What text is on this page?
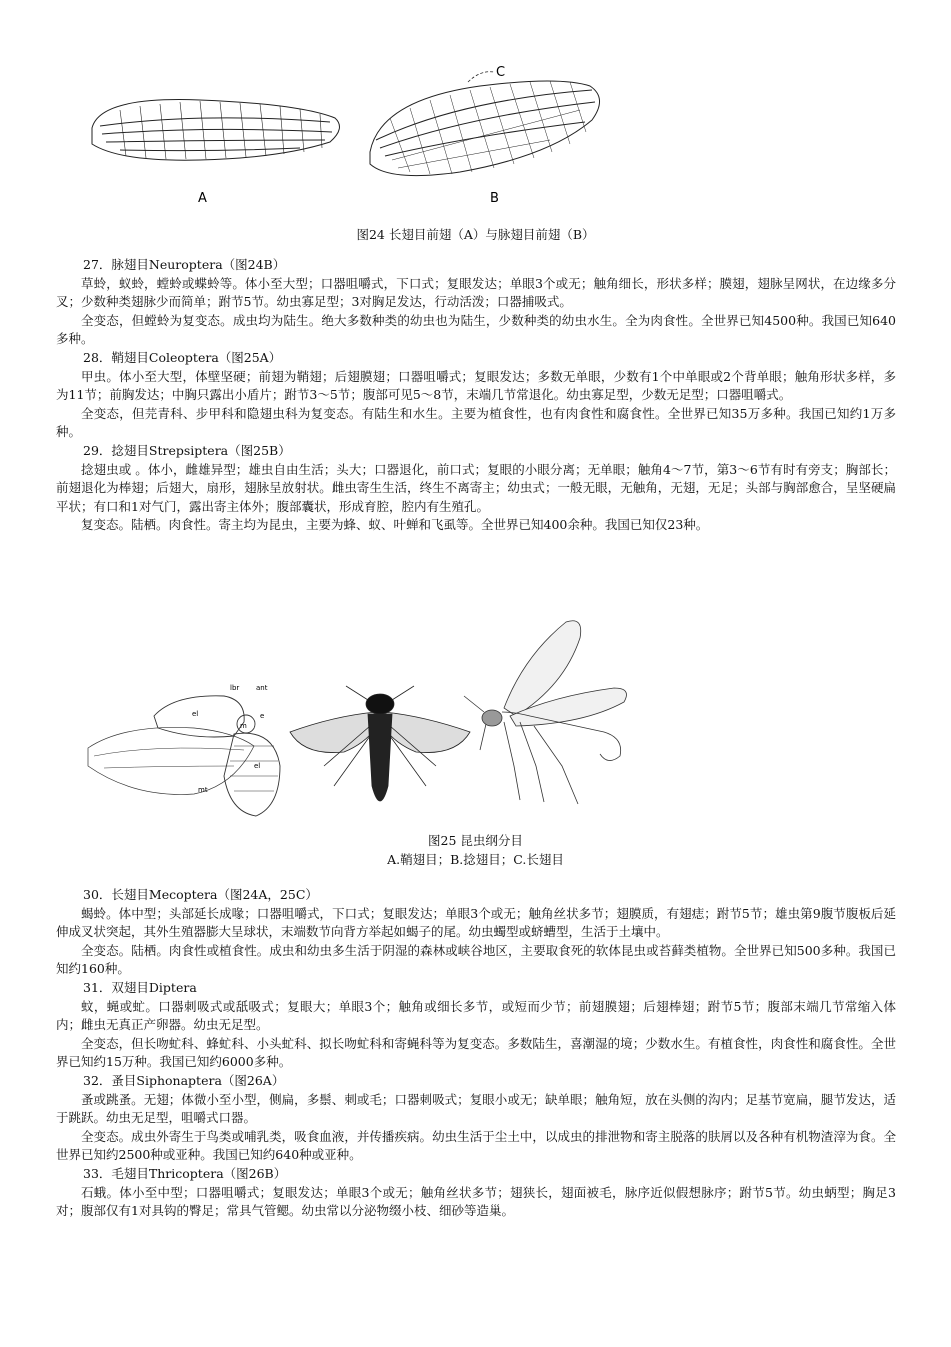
A
C
B
图24 长翅目前翅（A）与脉翅目前翅（B）
27．脉翅目Neuroptera（图24B）

草蛉，蚁蛉，螳蛉或蝶蛉等。体小至大型；口器咀嚼式，下口式；复眼发达；单眼3个或无；触角细长，形状多样；膜翅，翅脉呈网状，在边缘多分叉；少数种类翅脉少而简单；跗节5节。幼虫寡足型；3对胸足发达，行动活泼；口器捕吸式。

全变态，但螳蛉为复变态。成虫均为陆生。绝大多数种类的幼虫也为陆生，少数种类的幼虫水生。全为肉食性。全世界已知4500种。我国已知640多种。

28．鞘翅目Coleoptera（图25A）

甲虫。体小至大型，体壁坚硬；前翅为鞘翅；后翅膜翅；口器咀嚼式；复眼发达；多数无单眼，少数有1个中单眼或2个背单眼；触角形状多样，多为11节；前胸发达；中胸只露出小盾片；跗节3～5节；腹部可见5～8节，末端几节常退化。幼虫寡足型，少数无足型；口器咀嚼式。

全变态，但芫青科、步甲科和隐翅虫科为复变态。有陆生和水生。主要为植食性，也有肉食性和腐食性。全世界已知35万多种。我国已知约1万多种。

29．捻翅目Strepsiptera（图25B）

捻翅虫或 。体小，雌雄异型；雄虫自由生活；头大；口器退化，前口式；复眼的小眼分离；无单眼；触角4～7节，第3～6节有时有旁支；胸部长；前翅退化为棒翅；后翅大，扇形，翅脉呈放射状。雌虫寄生生活，终生不离寄主；幼虫式；一般无眼，无触角，无翅，无足；头部与胸部愈合，呈坚硬扁平状；有口和1对气门，露出寄主体外；腹部囊状，形成育腔，腔内有生殖孔。

复变态。陆栖。肉食性。寄主均为昆虫，主要为蜂、蚁、叶蝉和飞虱等。全世界已知400余种。我国已知仅23种。

lbr ant
e
el
m
el
mt
图25 昆虫纲分目
A.鞘翅目；B.捻翅目；C.长翅目
30．长翅目Mecoptera（图24A，25C）

蝎蛉。体中型；头部延长成喙；口器咀嚼式，下口式；复眼发达；单眼3个或无；触角丝状多节；翅膜质，有翅痣；跗节5节；雄虫第9腹节腹板后延伸成叉状突起，其外生殖器膨大呈球状，末端数节向背方举起如蝎子的尾。幼虫蠋型或蛴螬型，生活于土壤中。

全变态。陆栖。肉食性或植食性。成虫和幼虫多生活于阴湿的森林或峡谷地区，主要取食死的软体昆虫或苔藓类植物。全世界已知500多种。我国已知约160种。

31．双翅目Diptera

蚊，蝇或虻。口器刺吸式或舐吸式；复眼大；单眼3个；触角或细长多节，或短而少节；前翅膜翅；后翅棒翅；跗节5节；腹部末端几节常缩入体内；雌虫无真正产卵器。幼虫无足型。

全变态，但长吻虻科、蜂虻科、小头虻科、拟长吻虻科和寄蝇科等为复变态。多数陆生，喜潮湿的境；少数水生。有植食性，肉食性和腐食性。全世界已知约15万种。我国已知约6000多种。

32．蚤目Siphonaptera（图26A）

蚤或跳蚤。无翅；体微小至小型，侧扁，多鬃、刺或毛；口器刺吸式；复眼小或无；缺单眼；触角短，放在头侧的沟内；足基节宽扁，腿节发达，适于跳跃。幼虫无足型，咀嚼式口器。

全变态。成虫外寄生于鸟类或哺乳类，吸食血液，并传播疾病。幼虫生活于尘土中，以成虫的排泄物和寄主脱落的肤屑以及各种有机物渣滓为食。全世界已知约2500种或亚种。我国已知约640种或亚种。

33．毛翅目Thricoptera（图26B）

石蛾。体小至中型；口器咀嚼式；复眼发达；单眼3个或无；触角丝状多节；翅狭长，翅面被毛，脉序近似假想脉序；跗节5节。幼虫蛃型；胸足3对；腹部仅有1对具钩的臀足；常具气管鳃。幼虫常以分泌物缀小枝、细砂等造巢。
